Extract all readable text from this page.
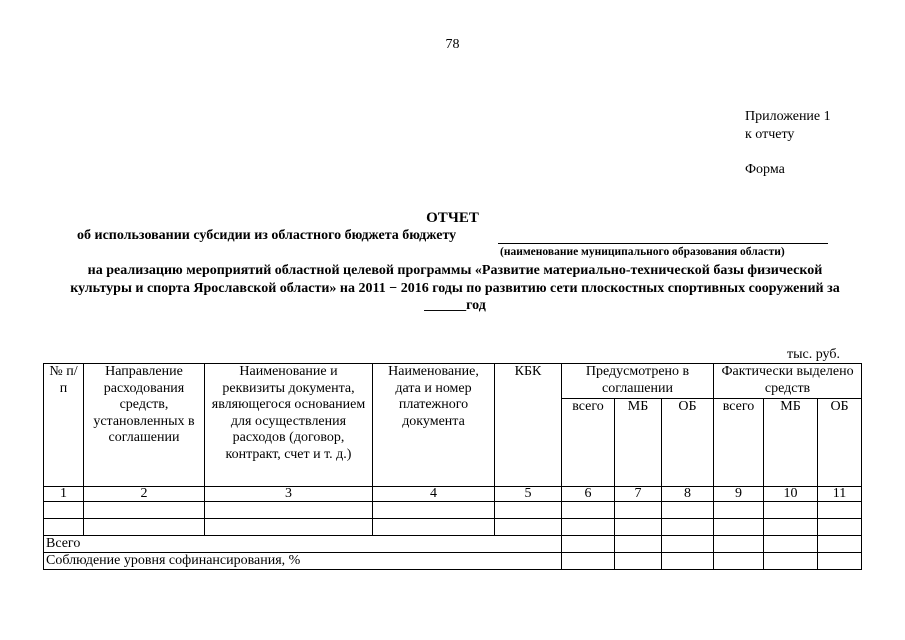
78
Приложение 1
к отчету
Форма
ОТЧЕТ
об использовании субсидии из областного бюджета бюджету
(наименование муниципального образования области)
на реализацию мероприятий областной целевой программы «Развитие материально-технической базы физической культуры и спорта Ярославской области» на 2011 − 2016 годы по развитию сети плоскостных спортивных сооружений за ______год
тыс. руб.
№ п/п	Направление расходования средств, установленных в соглашении	Наименование и реквизиты документа, являющегося основанием для осуществления расходов (договор, контракт, счет и т. д.)	Наименование, дата и номер платежного документа	КБК	Предусмотрено в соглашении			Фактически выделено средств		
					всего	МБ	ОБ	всего	МБ	ОБ
1	2	3	4	5	6	7	8	9	10	11

Всего										
Соблюдение уровня софинансирования, %										
